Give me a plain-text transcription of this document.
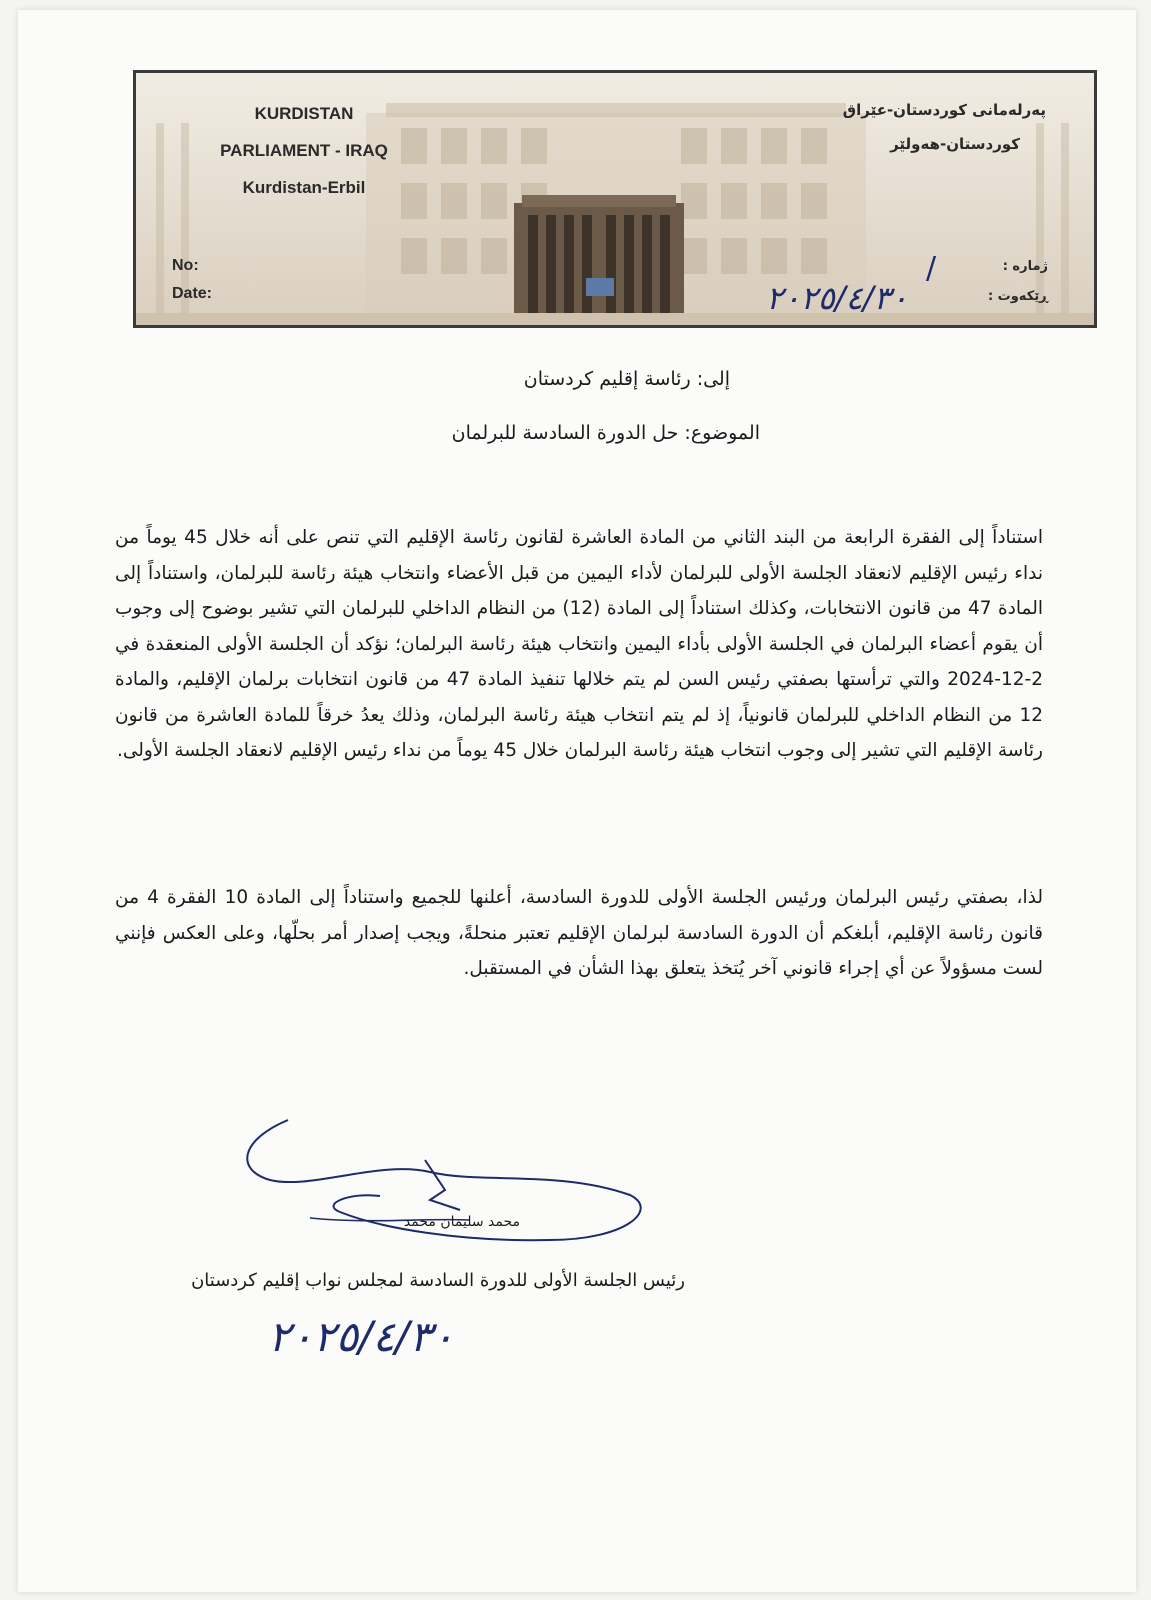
KURDISTAN
PARLIAMENT - IRAQ
Kurdistan-Erbil
پەرلەمانی کوردستان-عێراق
کوردستان-هەولێر
No:
Date:
ژمارە :
ڕێکەوت :
/
٢٠٢٥/٤/٣٠
إلى: رئاسة إقليم كردستان
الموضوع: حل الدورة السادسة للبرلمان
استناداً إلى الفقرة الرابعة من البند الثاني من المادة العاشرة لقانون رئاسة الإقليم التي تنص على أنه خلال 45 يوماً من نداء رئيس الإقليم لانعقاد الجلسة الأولى للبرلمان لأداء اليمين من قبل الأعضاء وانتخاب هيئة رئاسة للبرلمان، واستناداً إلى المادة 47 من قانون الانتخابات، وكذلك استناداً إلى المادة (12) من النظام الداخلي للبرلمان التي تشير بوضوح إلى وجوب أن يقوم أعضاء البرلمان في الجلسة الأولى بأداء اليمين وانتخاب هيئة رئاسة البرلمان؛ نؤكد أن الجلسة الأولى المنعقدة في 2-12-2024 والتي ترأستها بصفتي رئيس السن لم يتم خلالها تنفيذ المادة 47 من قانون انتخابات برلمان الإقليم، والمادة 12 من النظام الداخلي للبرلمان قانونياً، إذ لم يتم انتخاب هيئة رئاسة البرلمان، وذلك يعدُ خرقاً للمادة العاشرة من قانون رئاسة الإقليم التي تشير إلى وجوب انتخاب هيئة رئاسة البرلمان خلال 45 يوماً من نداء رئيس الإقليم لانعقاد الجلسة الأولى.
لذا، بصفتي رئيس البرلمان ورئيس الجلسة الأولى للدورة السادسة، أعلنها للجميع واستناداً إلى المادة 10 الفقرة 4 من قانون رئاسة الإقليم، أبلغكم أن الدورة السادسة لبرلمان الإقليم تعتبر منحلةً، ويجب إصدار أمر بحلّها، وعلى العكس فإنني لست مسؤولاً عن أي إجراء قانوني آخر يُتخذ يتعلق بهذا الشأن في المستقبل.
محمد سليمان محمد
رئيس الجلسة الأولى للدورة السادسة لمجلس نواب إقليم كردستان
٢٠٢٥/٤/٣٠
